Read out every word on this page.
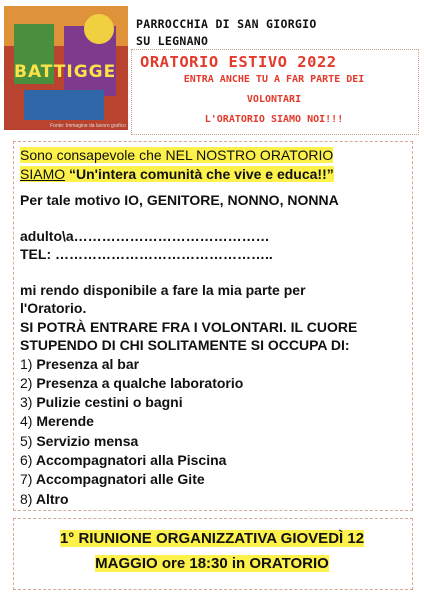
BATTIGGE
Fonte: Immagine da lavoro grafico
PARROCCHIA DI SAN GIORGIO SU LEGNANO
ORATORIO ESTIVO 2022
ENTRA ANCHE TU A FAR PARTE DEI
VOLONTARI
L'ORATORIO SIAMO NOI!!!
Sono consapevole che NEL NOSTRO ORATORIO
SIAMO “Un'intera comunità che vive e educa!!”
Per tale motivo IO, GENITORE, NONNO, NONNA
adulto\a……………………………………
TEL: ………………………………………..
mi rendo disponibile a fare la mia parte per
l'Oratorio.
SI POTRÀ ENTRARE FRA I VOLONTARI. IL CUORE
STUPENDO DI CHI SOLITAMENTE SI OCCUPA DI:
1) Presenza al bar
2) Presenza a qualche laboratorio
3) Pulizie cestini o bagni
4) Merende
5) Servizio mensa
6) Accompagnatori alla Piscina
7) Accompagnatori alle Gite
8) Altro
1° RIUNIONE ORGANIZZATIVA GIOVEDÌ 12
MAGGIO ore 18:30 in ORATORIO
